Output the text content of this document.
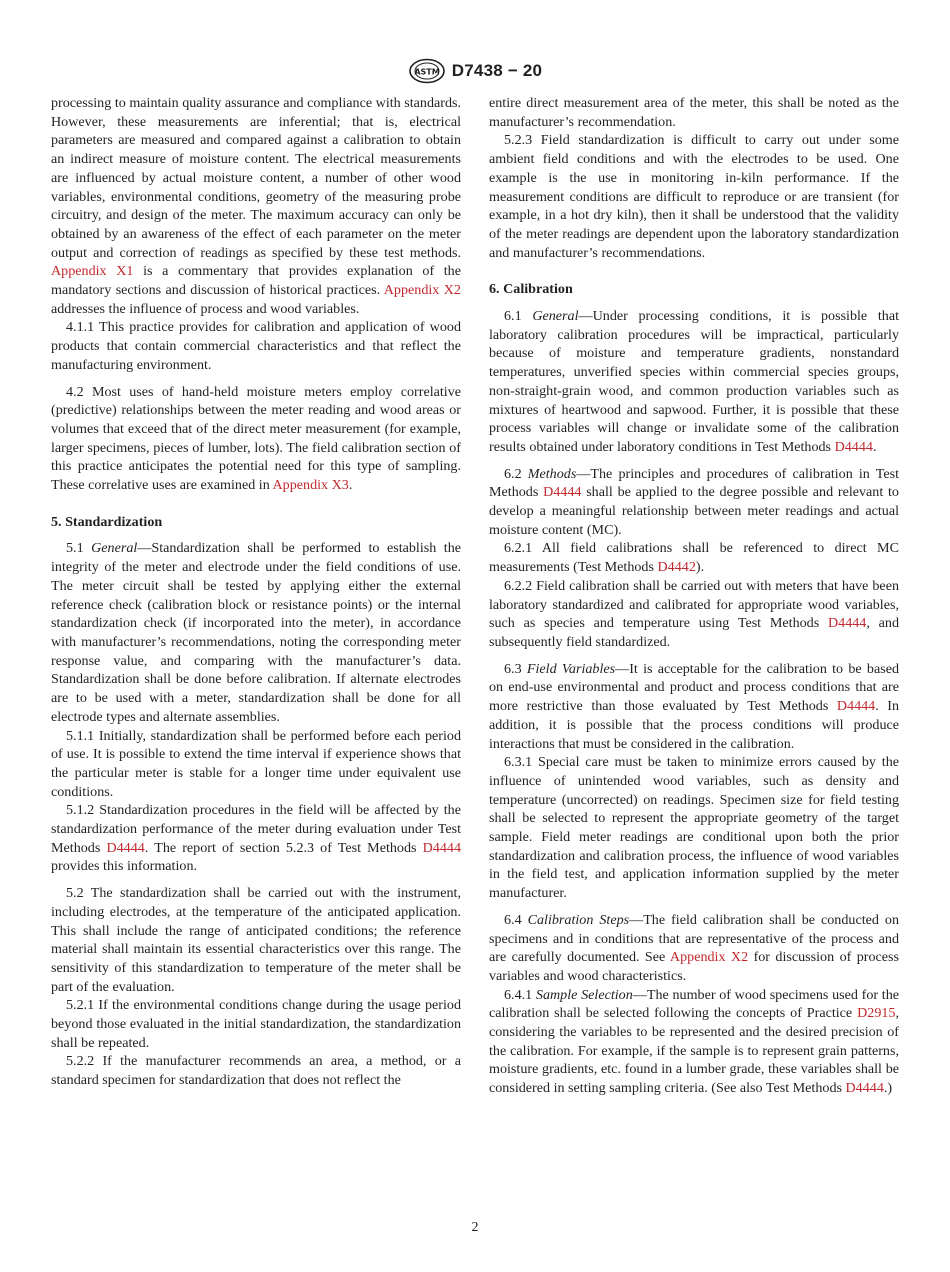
ASTM D7438 − 20

processing to maintain quality assurance and compliance with standards. However, these measurements are inferential; that is, electrical parameters are measured and compared against a calibration to obtain an indirect measure of moisture content. The electrical measurements are influenced by actual moisture content, a number of other wood variables, environmental conditions, geometry of the measuring probe circuitry, and design of the meter. The maximum accuracy can only be obtained by an awareness of the effect of each parameter on the meter output and correction of readings as specified by these test methods. Appendix X1 is a commentary that provides explanation of the mandatory sections and discussion of historical practices. Appendix X2 addresses the influence of process and wood variables.

4.1.1 This practice provides for calibration and application of wood products that contain commercial characteristics and that reflect the manufacturing environment.

4.2 Most uses of hand-held moisture meters employ correlative (predictive) relationships between the meter reading and wood areas or volumes that exceed that of the direct meter measurement (for example, larger specimens, pieces of lumber, lots). The field calibration section of this practice anticipates the potential need for this type of sampling. These correlative uses are examined in Appendix X3.

5. Standardization

5.1 General—Standardization shall be performed to establish the integrity of the meter and electrode under the field conditions of use. The meter circuit shall be tested by applying either the external reference check (calibration block or resistance points) or the internal standardization check (if incorporated into the meter), in accordance with manufacturer’s recommendations, noting the corresponding meter response value, and comparing with the manufacturer’s data. Standardization shall be done before calibration. If alternate electrodes are to be used with a meter, standardization shall be done for all electrode types and alternate assemblies.

5.1.1 Initially, standardization shall be performed before each period of use. It is possible to extend the time interval if experience shows that the particular meter is stable for a longer time under equivalent use conditions.

5.1.2 Standardization procedures in the field will be affected by the standardization performance of the meter during evaluation under Test Methods D4444. The report of section 5.2.3 of Test Methods D4444 provides this information.

5.2 The standardization shall be carried out with the instrument, including electrodes, at the temperature of the anticipated application. This shall include the range of anticipated conditions; the reference material shall maintain its essential characteristics over this range. The sensitivity of this standardization to temperature of the meter shall be part of the evaluation.

5.2.1 If the environmental conditions change during the usage period beyond those evaluated in the initial standardization, the standardization shall be repeated.

5.2.2 If the manufacturer recommends an area, a method, or a standard specimen for standardization that does not reflect the

entire direct measurement area of the meter, this shall be noted as the manufacturer’s recommendation.

5.2.3 Field standardization is difficult to carry out under some ambient field conditions and with the electrodes to be used. One example is the use in monitoring in-kiln performance. If the measurement conditions are difficult to reproduce or are transient (for example, in a hot dry kiln), then it shall be understood that the validity of the meter readings are dependent upon the laboratory standardization and manufacturer’s recommendations.

6. Calibration

6.1 General—Under processing conditions, it is possible that laboratory calibration procedures will be impractical, particularly because of moisture and temperature gradients, nonstandard temperatures, unverified species within commercial species groups, non-straight-grain wood, and common production variables such as mixtures of heartwood and sapwood. Further, it is possible that these process variables will change or invalidate some of the calibration results obtained under laboratory conditions in Test Methods D4444.

6.2 Methods—The principles and procedures of calibration in Test Methods D4444 shall be applied to the degree possible and relevant to develop a meaningful relationship between meter readings and actual moisture content (MC).

6.2.1 All field calibrations shall be referenced to direct MC measurements (Test Methods D4442).

6.2.2 Field calibration shall be carried out with meters that have been laboratory standardized and calibrated for appropriate wood variables, such as species and temperature using Test Methods D4444, and subsequently field standardized.

6.3 Field Variables—It is acceptable for the calibration to be based on end-use environmental and product and process conditions that are more restrictive than those evaluated by Test Methods D4444. In addition, it is possible that the process conditions will produce interactions that must be considered in the calibration.

6.3.1 Special care must be taken to minimize errors caused by the influence of unintended wood variables, such as density and temperature (uncorrected) on readings. Specimen size for field testing shall be selected to represent the appropriate geometry of the target sample. Field meter readings are conditional upon both the prior standardization and calibration process, the influence of wood variables in the field test, and application information supplied by the meter manufacturer.

6.4 Calibration Steps—The field calibration shall be conducted on specimens and in conditions that are representative of the process and are carefully documented. See Appendix X2 for discussion of process variables and wood characteristics.

6.4.1 Sample Selection—The number of wood specimens used for the calibration shall be selected following the concepts of Practice D2915, considering the variables to be represented and the desired precision of the calibration. For example, if the sample is to represent grain patterns, moisture gradients, etc. found in a lumber grade, these variables shall be considered in setting sampling criteria. (See also Test Methods D4444.)

2
